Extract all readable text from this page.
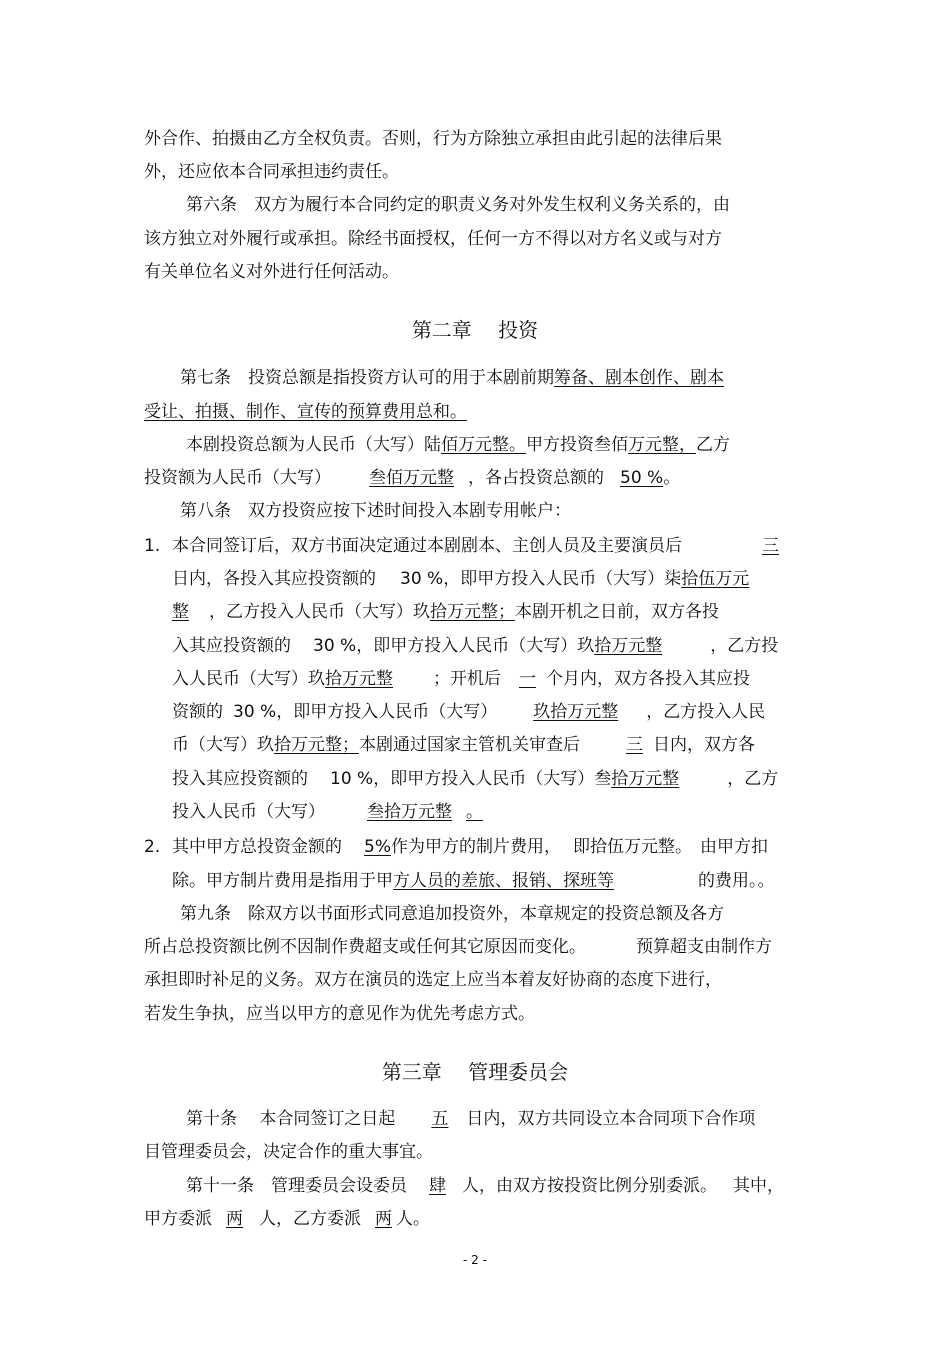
外合作、拍摄由乙方全权负责。否则，行为方除独立承担由此引起的法律后果
外，还应依本合同承担违约责任。
第六条　双方为履行本合同约定的职责义务对外发生权利义务关系的，由
该方独立对外履行或承担。除经书面授权，任何一方不得以对方名义或与对方
有关单位名义对外进行任何活动。
第二章　 投资
第七条　投资总额是指投资方认可的用于本剧前期筹备、剧本创作、剧本
受让、拍摄、制作、宣传的预算费用总和。
本剧投资总额为人民币（大写）陆佰万元整。甲方投资叁佰万元整，乙方
投资额为人民币（大写） 叁佰万元整 ，各占投资总额的 50 %。
第八条　双方投资应按下述时间投入本剧专用帐户：
1. 本合同签订后，双方书面决定通过本剧剧本、主创人员及主要演员后	三
日内，各投入其应投资额的 30 %，即甲方投入人民币（大写）柒拾伍万元
整 ，乙方投入人民币（大写）玖拾万元整；本剧开机之日前，双方各投
入其应投资额的 30 %，即甲方投入人民币（大写）玖拾万元整	，乙方投
入人民币（大写）玖拾万元整 ；开机后 一 个月内，双方各投入其应投
资额的 30 %，即甲方投入人民币（大写） 玖拾万元整 ，乙方投入人民
币（大写）玖拾万元整；本剧通过国家主管机关审查后	三 日内，双方各
投入其应投资额的 10 %，即甲方投入人民币（大写）叁拾万元整	，乙方
投入人民币（大写） 叁拾万元整 。
2. 其中甲方总投资金额的 5%作为甲方的制片费用， 即拾伍万元整。 由甲方扣
除。甲方制片费用是指用于甲方人员的差旅、报销、探班等	的费用。。
第九条　除双方以书面形式同意追加投资外，本章规定的投资总额及各方
所占总投资额比例不因制作费超支或任何其它原因而变化。	预算超支由制作方
承担即时补足的义务。双方在演员的选定上应当本着友好协商的态度下进行，
若发生争执，应当以甲方的意见作为优先考虑方式。
第三章　 管理委员会
第十条　 本合同签订之日起 五 日内，双方共同设立本合同项下合作项
目管理委员会，决定合作的重大事宜。
第十一条　管理委员会设委员 肆 人，由双方按投资比例分别委派。 其中，
甲方委派 两 人，乙方委派 两 人。
- 2 -
